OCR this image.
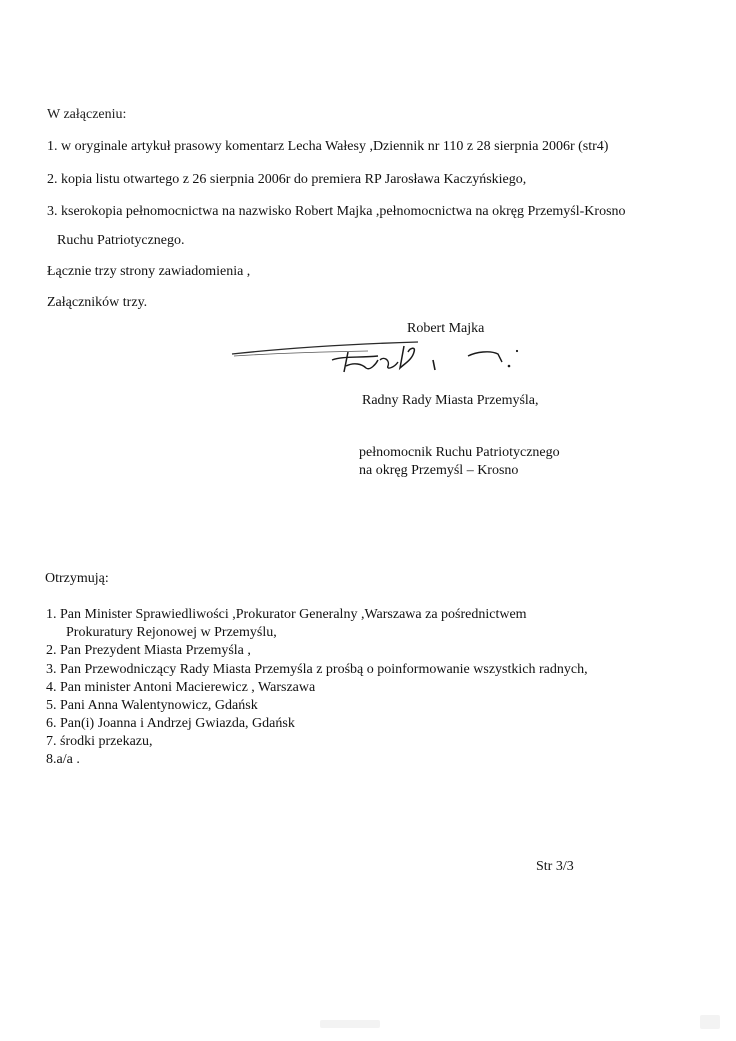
W załączeniu:
1. w oryginale artykuł prasowy komentarz Lecha Wałesy ,Dziennik nr 110 z 28 sierpnia 2006r (str4)
2. kopia listu otwartego z 26 sierpnia 2006r do premiera RP Jarosława Kaczyńskiego,
3. kserokopia pełnomocnictwa na nazwisko Robert Majka ,pełnomocnictwa na okręg Przemyśl-Krosno
Ruchu Patriotycznego.
Łącznie trzy strony zawiadomienia ,
Załączników trzy.
Robert Majka
Radny Rady Miasta Przemyśla,
pełnomocnik Ruchu Patriotycznego
na okręg Przemyśl – Krosno
Otrzymują:
1. Pan Minister Sprawiedliwości ,Prokurator Generalny ,Warszawa za pośrednictwem
Prokuratury Rejonowej w Przemyślu,
2. Pan Prezydent Miasta Przemyśla ,
3. Pan Przewodniczący Rady Miasta Przemyśla z prośbą o poinformowanie wszystkich radnych,
4. Pan minister Antoni Macierewicz , Warszawa
5. Pani Anna Walentynowicz, Gdańsk
6. Pan(i) Joanna i Andrzej Gwiazda, Gdańsk
7. środki przekazu,
8.a/a .
Str 3/3
